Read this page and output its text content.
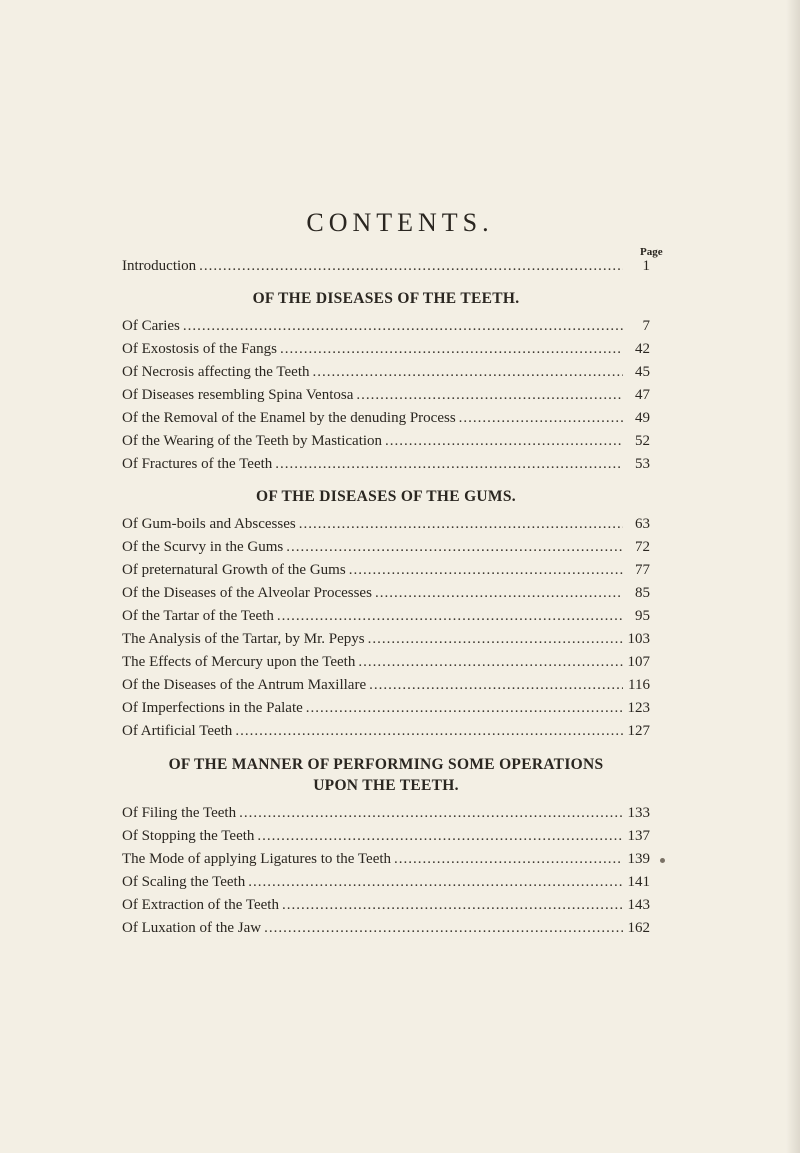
CONTENTS.
Page
Introduction .....	1
OF THE DISEASES OF THE TEETH.
Of Caries .....	7
Of Exostosis of the Fangs .....	42
Of Necrosis affecting the Teeth .....	45
Of Diseases resembling Spina Ventosa .....	47
Of the Removal of the Enamel by the denuding Process .....	49
Of the Wearing of the Teeth by Mastication .....	52
Of Fractures of the Teeth .....	53
OF THE DISEASES OF THE GUMS.
Of Gum-boils and Abscesses .....	63
Of the Scurvy in the Gums .....	72
Of preternatural Growth of the Gums .....	77
Of the Diseases of the Alveolar Processes .....	85
Of the Tartar of the Teeth .....	95
The Analysis of the Tartar, by Mr. Pepys .....	103
The Effects of Mercury upon the Teeth .....	107
Of the Diseases of the Antrum Maxillare .....	116
Of Imperfections in the Palate .....	123
Of Artificial Teeth .....	127
OF THE MANNER OF PERFORMING SOME OPERATIONS
UPON THE TEETH.
Of Filing the Teeth .....	133
Of Stopping the Teeth .....	137
The Mode of applying Ligatures to the Teeth .....	139
Of Scaling the Teeth .....	141
Of Extraction of the Teeth .....	143
Of Luxation of the Jaw .....	162
